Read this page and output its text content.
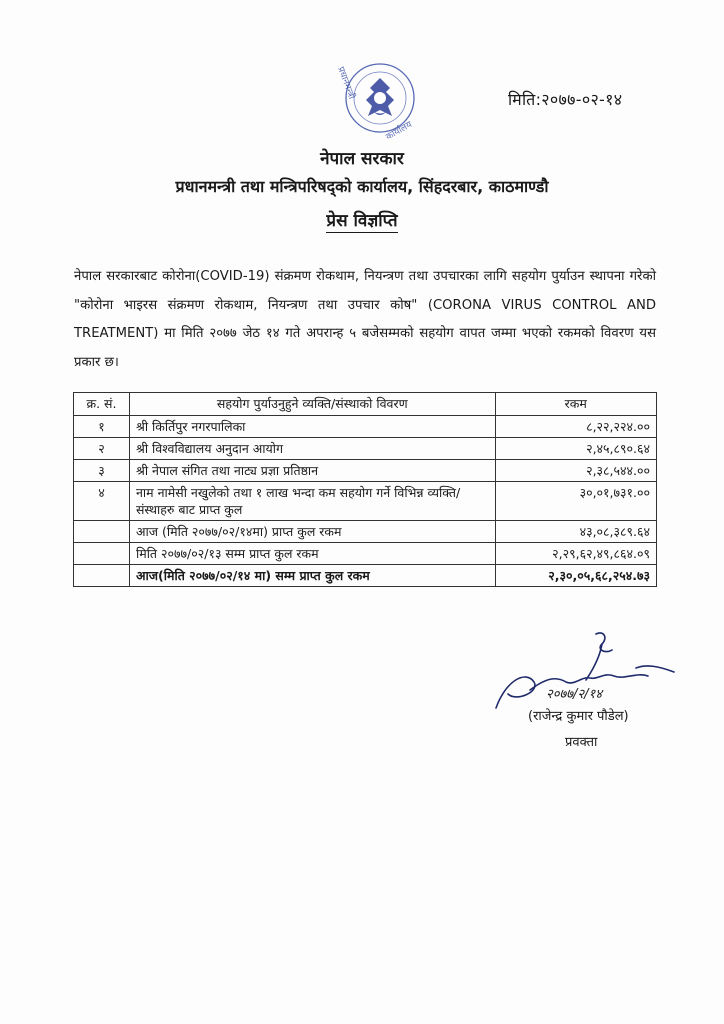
प्रधानमन्त्री
कार्यालय
मिति:२०७७-०२-१४
नेपाल सरकार
प्रधानमन्त्री तथा मन्त्रिपरिषद्को कार्यालय, सिंहदरबार, काठमाण्डौ
प्रेस विज्ञप्ति
नेपाल सरकारबाट कोरोना(COVID-19) संक्रमण रोकथाम, नियन्त्रण तथा उपचारका लागि सहयोग पुर्याउन स्थापना गरेको "कोरोना भाइरस संक्रमण रोकथाम, नियन्त्रण तथा उपचार कोष" (CORONA VIRUS CONTROL AND TREATMENT) मा मिति २०७७ जेठ १४ गते अपरान्ह ५ बजेसम्मको सहयोग वापत जम्मा भएको रकमको विवरण यस प्रकार छ।
क्र. सं.	सहयोग पुर्याउनुहुने व्यक्ति/संस्थाको विवरण	रकम
१	श्री किर्तिपुर नगरपालिका	८,२२,२२४.००
२	श्री विश्वविद्यालय अनुदान आयोग	२,४५,८९०.६४
३	श्री नेपाल संगित तथा नाट्य प्रज्ञा प्रतिष्ठान	२,३८,५४४.००
४	नाम नामेसी नखुलेको तथा १ लाख भन्दा कम सहयोग गर्ने विभिन्न व्यक्ति/संस्थाहरु बाट प्राप्त कुल	३०,०१,७३१.००
	आज (मिति २०७७/०२/१४मा) प्राप्त कुल रकम	४३,०८,३८९.६४
	मिति २०७७/०२/१३ सम्म प्राप्त कुल रकम	२,२९,६२,४९,८६४.०९
	आज(मिति २०७७/०२/१४ मा) सम्म प्राप्त कुल रकम	२,३०,०५,६८,२५४.७३
२०७७/२/१४
(राजेन्द्र कुमार पौडेल)
प्रवक्ता
